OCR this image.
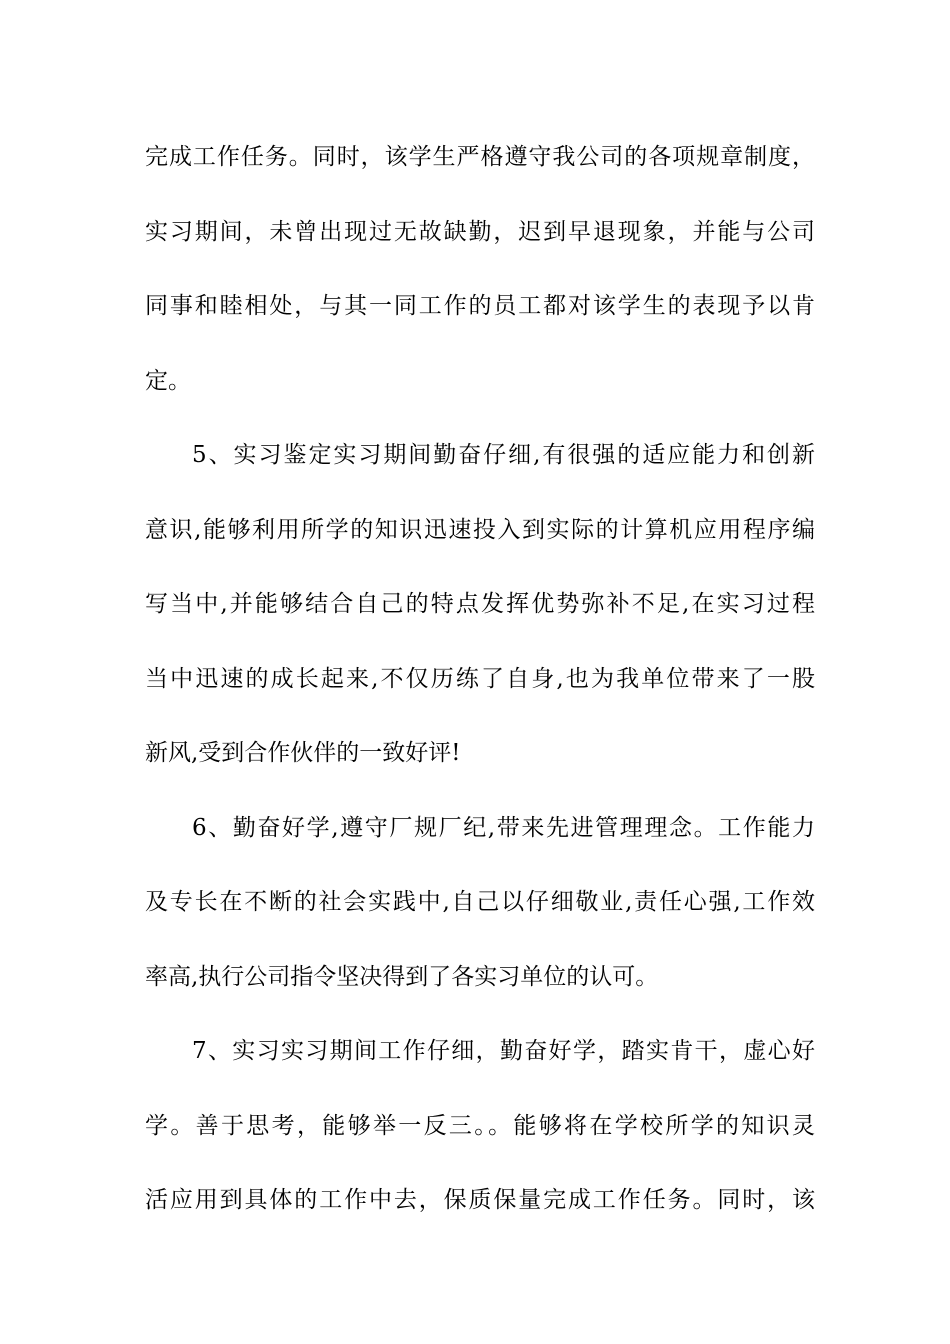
完成工作任务。同时，该学生严格遵守我公司的各项规章制度，
实习期间，未曾出现过无故缺勤，迟到早退现象，并能与公司
同事和睦相处，与其一同工作的员工都对该学生的表现予以肯
定。
5、实习鉴定实习期间勤奋仔细,有很强的适应能力和创新
意识,能够利用所学的知识迅速投入到实际的计算机应用程序编
写当中,并能够结合自己的特点发挥优势弥补不足,在实习过程
当中迅速的成长起来,不仅历练了自身,也为我单位带来了一股
新风,受到合作伙伴的一致好评!
6、勤奋好学,遵守厂规厂纪,带来先进管理理念。工作能力
及专长在不断的社会实践中,自己以仔细敬业,责任心强,工作效
率高,执行公司指令坚决得到了各实习单位的认可。
7、实习实习期间工作仔细，勤奋好学，踏实肯干，虚心好
学。善于思考，能够举一反三。。能够将在学校所学的知识灵
活应用到具体的工作中去，保质保量完成工作任务。同时，该
